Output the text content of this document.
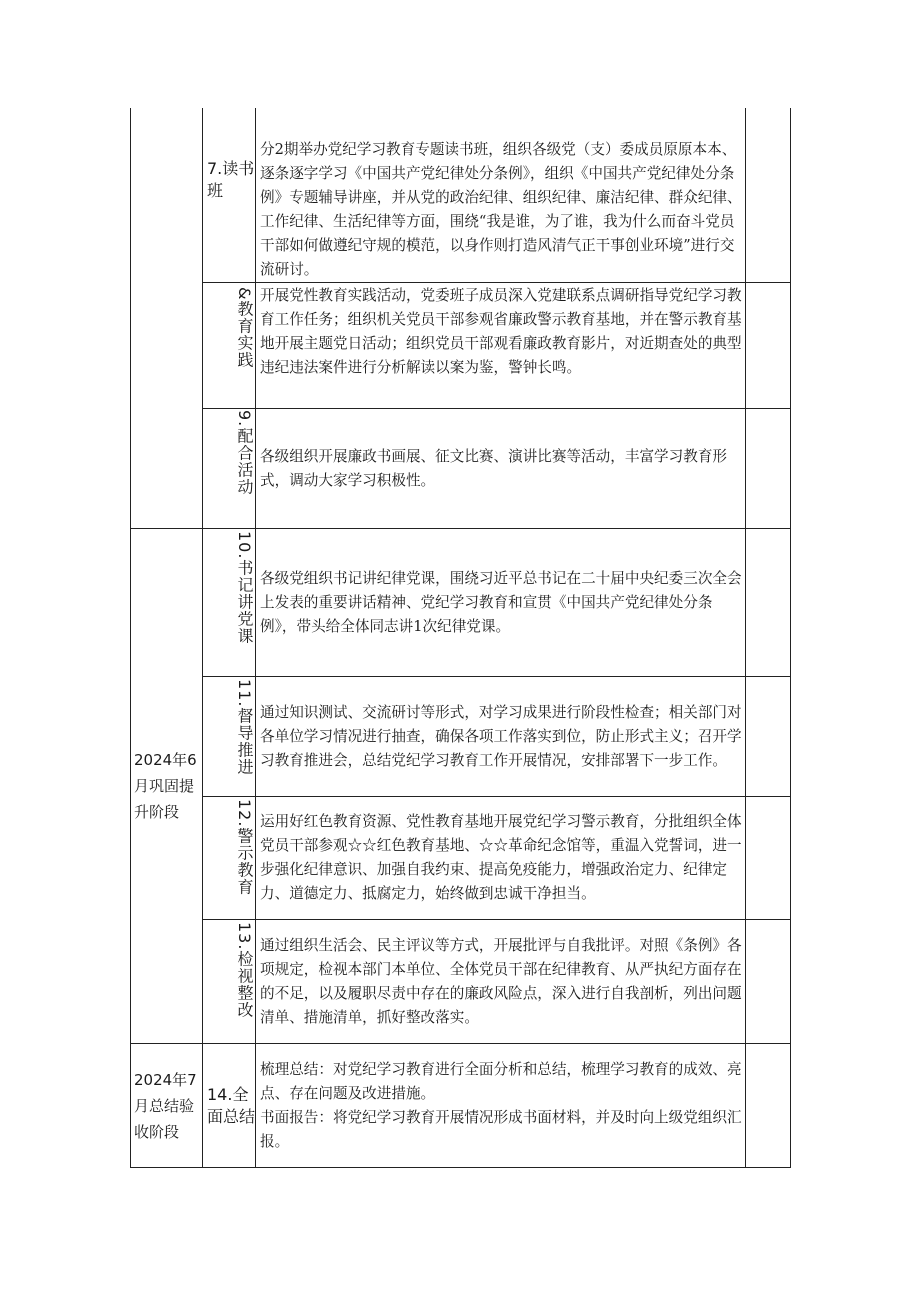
2024年6月巩固提升阶段
2024年7月总结验收阶段
7.读书班
分2期举办党纪学习教育专题读书班，组织各级党（支）委成员原原本本、逐条逐字学习《中国共产党纪律处分条例》，组织《中国共产党纪律处分条例》专题辅导讲座，并从党的政治纪律、组织纪律、廉洁纪律、群众纪律、工作纪律、生活纪律等方面，围绕“我是谁，为了谁，我为什么而奋斗党员干部如何做遵纪守规的模范，以身作则打造风清气正干事创业环境”进行交流研讨。
&教育实践 开展党性教育实践活动，党委班子成员深入党建联系点调研指导党纪学习教育工作任务；组织机关党员干部参观省廉政警示教育基地，并在警示教育基地开展主题党日活动；组织党员干部观看廉政教育影片，对近期查处的典型违纪违法案件进行分析解读以案为鉴，警钟长鸣。
9.配合活动 各级组织开展廉政书画展、征文比赛、演讲比赛等活动，丰富学习教育形式，调动大家学习积极性。
10.书记讲党课 各级党组织书记讲纪律党课，围绕习近平总书记在二十届中央纪委三次全会上发表的重要讲话精神、党纪学习教育和宣贯《中国共产党纪律处分条例》，带头给全体同志讲1次纪律党课。
11.督导推进 通过知识测试、交流研讨等形式，对学习成果进行阶段性检查；相关部门对各单位学习情况进行抽查，确保各项工作落实到位，防止形式主义；召开学习教育推进会，总结党纪学习教育工作开展情况，安排部署下一步工作。
12.警示教育 运用好红色教育资源、党性教育基地开展党纪学习警示教育，分批组织全体党员干部参观☆☆红色教育基地、☆☆革命纪念馆等，重温入党誓词，进一步强化纪律意识、加强自我约束、提高免疫能力，增强政治定力、纪律定力、道德定力、抵腐定力，始终做到忠诚干净担当。
13.检视整改 通过组织生活会、民主评议等方式，开展批评与自我批评。对照《条例》各项规定，检视本部门本单位、全体党员干部在纪律教育、从严执纪方面存在的不足，以及履职尽责中存在的廉政风险点，深入进行自我剖析，列出问题清单、措施清单，抓好整改落实。
14.全面总结
梳理总结：对党纪学习教育进行全面分析和总结，梳理学习教育的成效、亮点、存在问题及改进措施。
书面报告：将党纪学习教育开展情况形成书面材料，并及时向上级党组织汇报。
